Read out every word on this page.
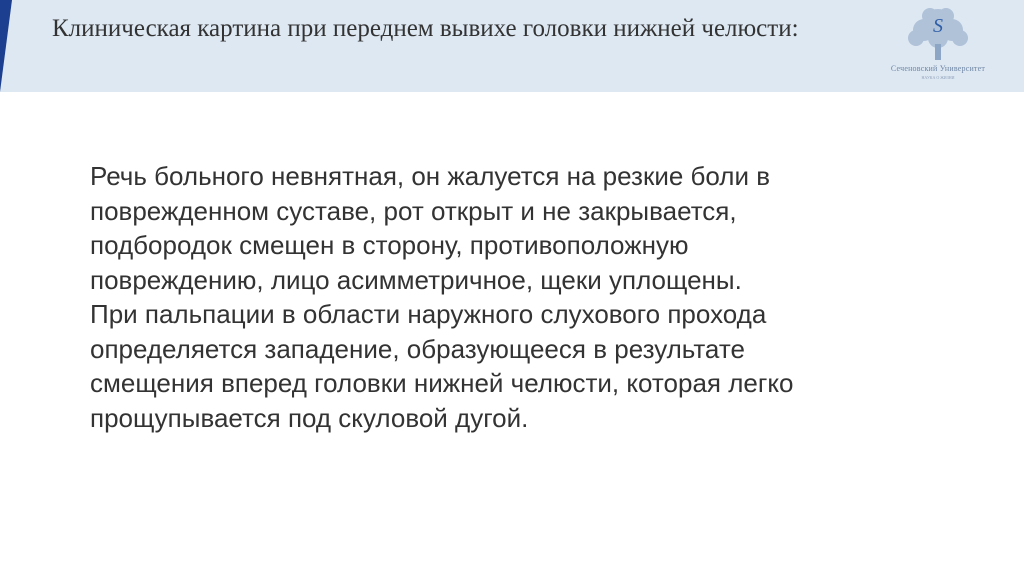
Клиническая картина при переднем вывихе головки нижней челюсти:	S
Сеченовский Университет
НАУКА О ЖИЗНИ
Речь больного невнятная, он жалуется на резкие боли в
поврежденном суставе, рот открыт и не закрывается,
подбородок смещен в сторону, противоположную
повреждению, лицо асимметричное, щеки уплощены.
При пальпации в области наружного слухового прохода
определяется западение, образующееся в результате
смещения вперед головки нижней челюсти, которая легко
прощупывается под скуловой дугой.
